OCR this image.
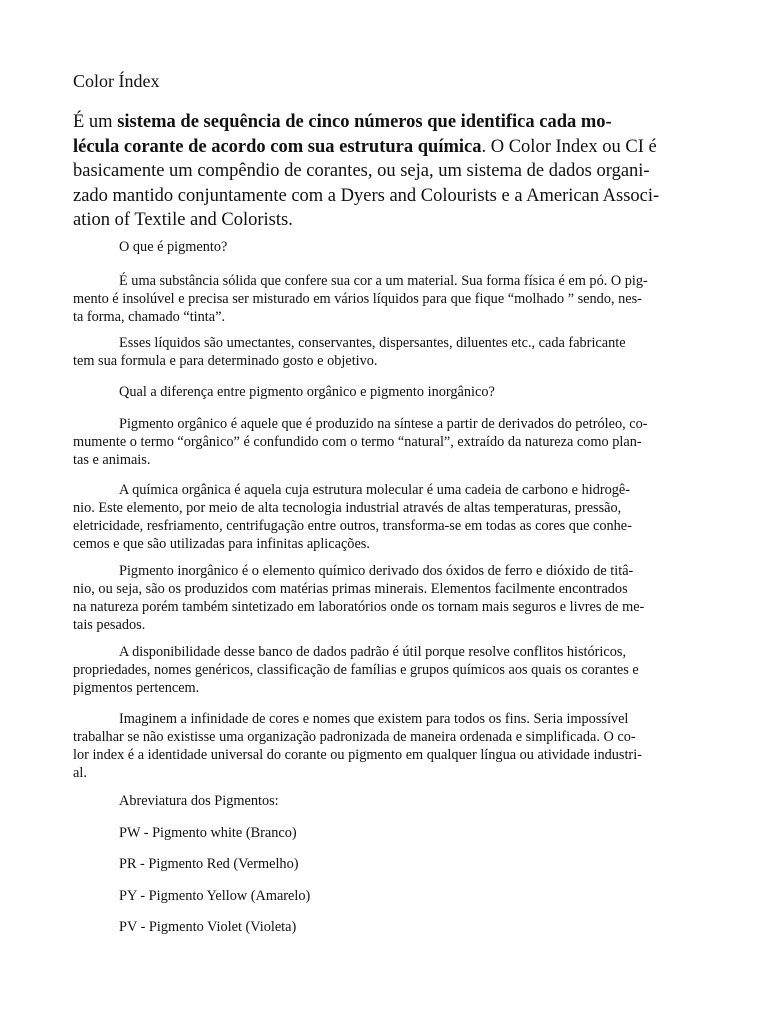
Color Índex
É um sistema de sequência de cinco números que identifica cada mo-
lécula corante de acordo com sua estrutura química. O Color Index ou CI é
basicamente um compêndio de corantes, ou seja, um sistema de dados organi-
zado mantido conjuntamente com a Dyers and Colourists e a American Associ-
ation of Textile and Colorists.
O que é pigmento?
É uma substância sólida que confere sua cor a um material. Sua forma física é em pó. O pig-
mento é insolúvel e precisa ser misturado em vários líquidos para que fique “molhado ” sendo, nes-
ta forma, chamado “tinta”.
Esses líquidos são umectantes, conservantes, dispersantes, diluentes etc., cada fabricante
tem sua formula e para determinado gosto e objetivo.
Qual a diferença entre pigmento orgânico e pigmento inorgânico?
Pigmento orgânico é aquele que é produzido na síntese a partir de derivados do petróleo, co-
mumente o termo “orgânico” é confundido com o termo “natural”, extraído da natureza como plan-
tas e animais.
A química orgânica é aquela cuja estrutura molecular é uma cadeia de carbono e hidrogê-
nio. Este elemento, por meio de alta tecnologia industrial através de altas temperaturas, pressão,
eletricidade, resfriamento, centrifugação entre outros, transforma-se em todas as cores que conhe-
cemos e que são utilizadas para infinitas aplicações.
Pigmento inorgânico é o elemento químico derivado dos óxidos de ferro e dióxido de titâ-
nio, ou seja, são os produzidos com matérias primas minerais. Elementos facilmente encontrados
na natureza porém também sintetizado em laboratórios onde os tornam mais seguros e livres de me-
tais pesados.
A disponibilidade desse banco de dados padrão é útil porque resolve conflitos históricos,
propriedades, nomes genéricos, classificação de famílias e grupos químicos aos quais os corantes e
pigmentos pertencem.
Imaginem a infinidade de cores e nomes que existem para todos os fins. Seria impossível
trabalhar se não existisse uma organização padronizada de maneira ordenada e simplificada. O co-
lor index é a identidade universal do corante ou pigmento em qualquer língua ou atividade industri-
al.
Abreviatura dos Pigmentos:
PW - Pigmento white (Branco)
PR - Pigmento Red (Vermelho)
PY - Pigmento Yellow (Amarelo)
PV - Pigmento Violet (Violeta)
